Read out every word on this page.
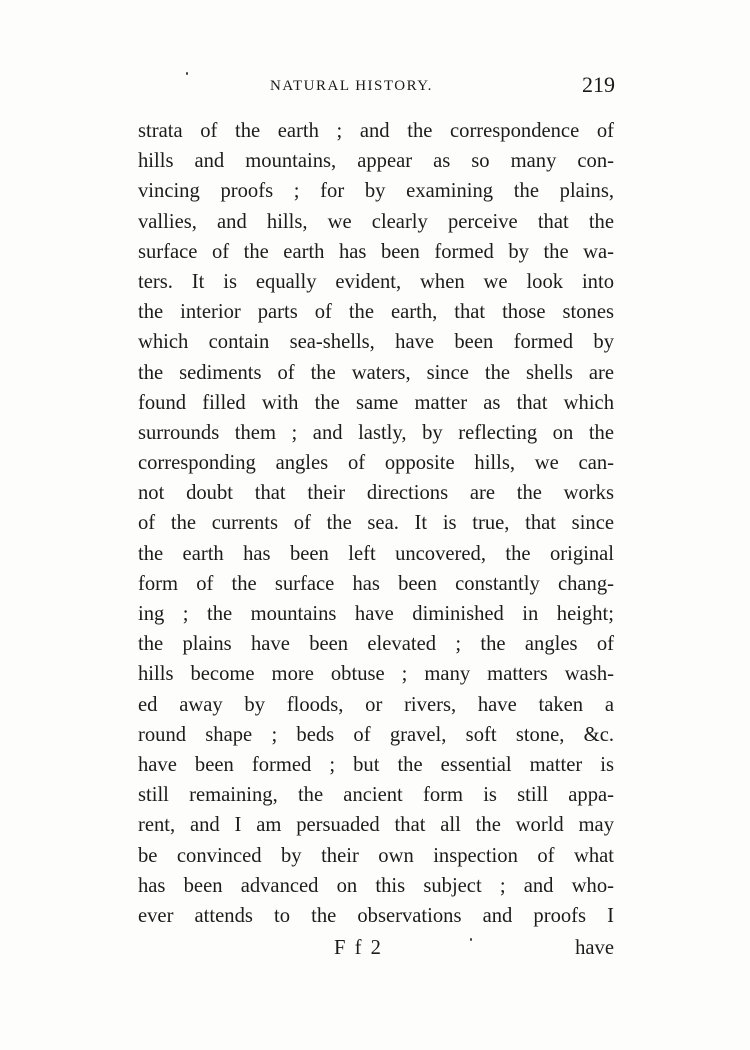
NATURAL HISTORY.	219
strata of the earth ; and the correspondence of
hills and mountains, appear as so many con-
vincing proofs ; for by examining the plains,
vallies, and hills, we clearly perceive that the
surface of the earth has been formed by the wa-
ters. It is equally evident, when we look into
the interior parts of the earth, that those stones
which contain sea-shells, have been formed by
the sediments of the waters, since the shells are
found filled with the same matter as that which
surrounds them ; and lastly, by reflecting on the
corresponding angles of opposite hills, we can-
not doubt that their directions are the works
of the currents of the sea. It is true, that since
the earth has been left uncovered, the original
form of the surface has been constantly chang-
ing ; the mountains have diminished in height;
the plains have been elevated ; the angles of
hills become more obtuse ; many matters wash-
ed away by floods, or rivers, have taken a
round shape ; beds of gravel, soft stone, &c.
have been formed ; but the essential matter is
still remaining, the ancient form is still appa-
rent, and I am persuaded that all the world may
be convinced by their own inspection of what
has been advanced on this subject ; and who-
ever attends to the observations and proofs I
F f 2	have
